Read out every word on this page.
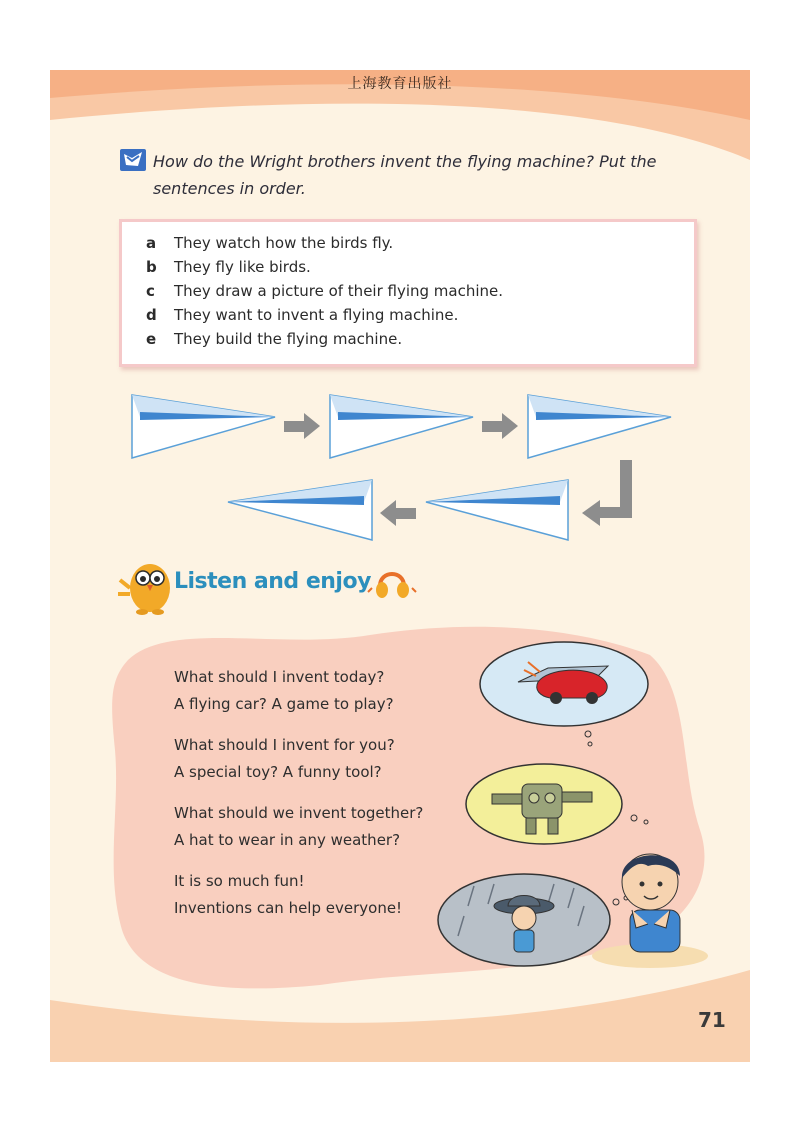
上海教育出版社
How do the Wright brothers invent the flying machine? Put the
sentences in order.
a They watch how the birds fly.
b They fly like birds.
c They draw a picture of their flying machine.
d They want to invent a flying machine.
e They build the flying machine.
Listen and enjoy
What should I invent today?
A flying car? A game to play?
What should I invent for you?
A special toy? A funny tool?
What should we invent together?
A hat to wear in any weather?
It is so much fun!
Inventions can help everyone!
71
